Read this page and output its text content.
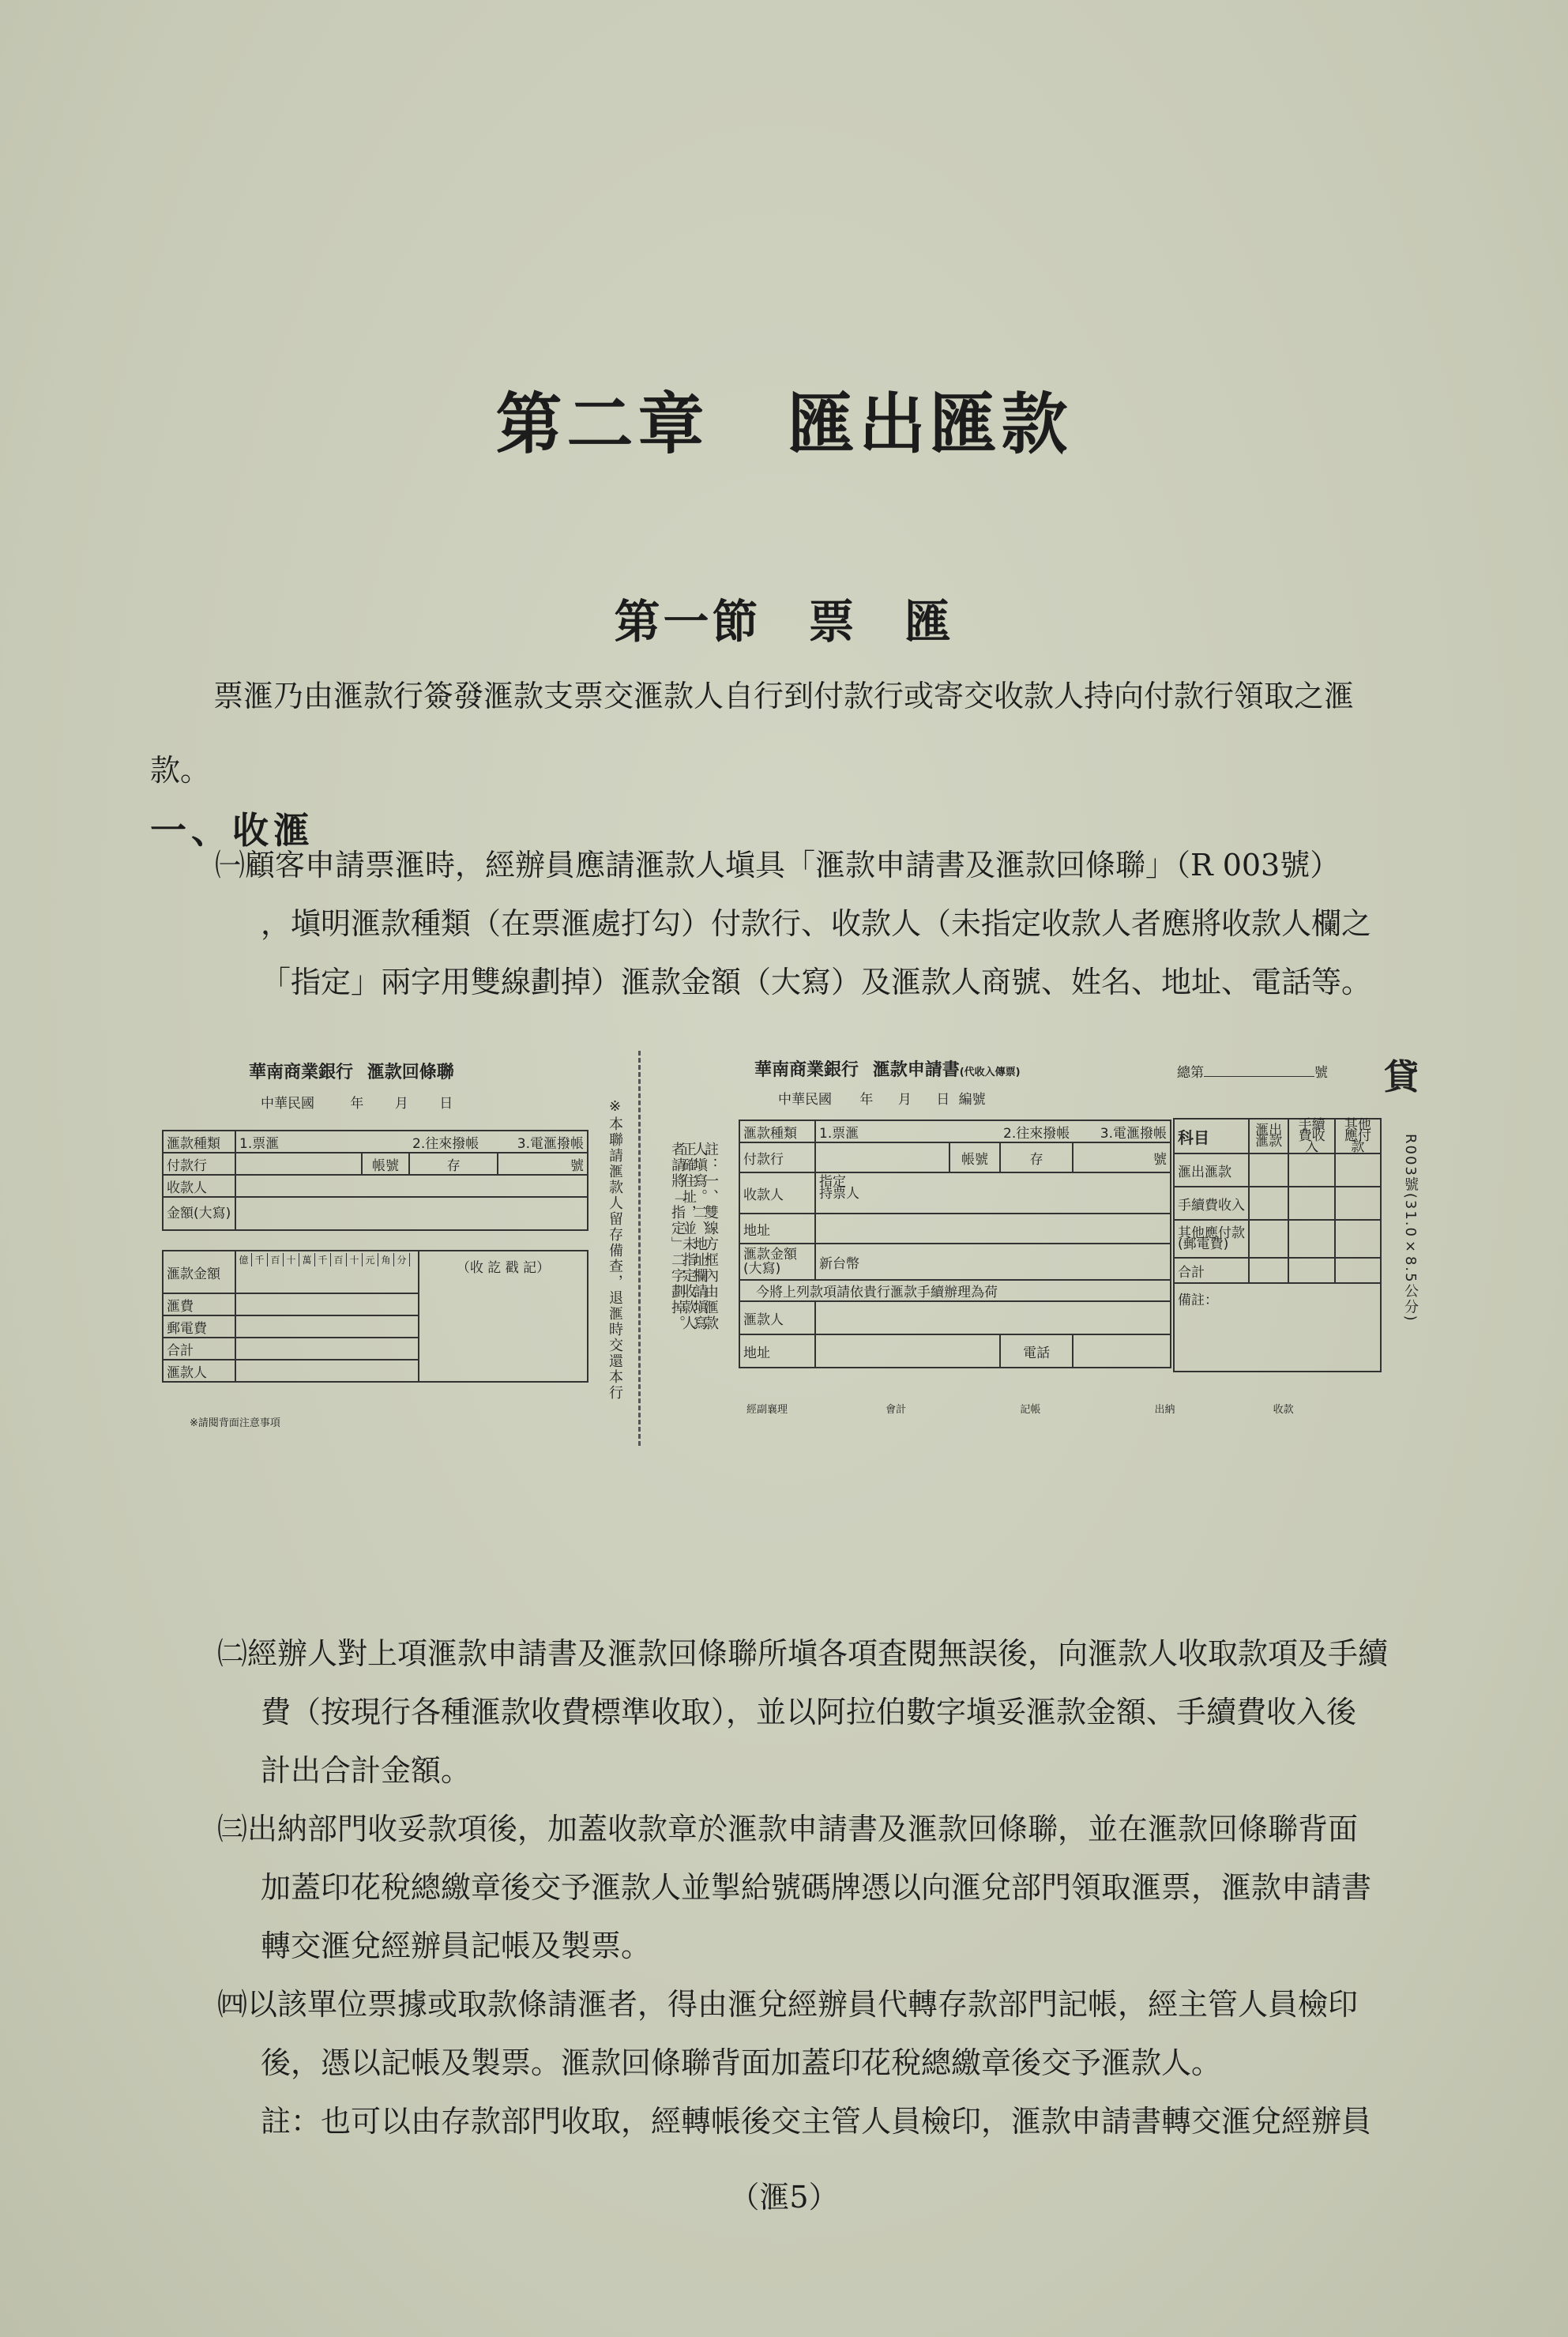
第二章 匯出匯款
第一節 票 匯
票滙乃由滙款行簽發滙款支票交滙款人自行到付款行或寄交收款人持向付款行領取之滙
款。
一、收滙
㈠顧客申請票滙時，經辦員應請滙款人塡具「滙款申請書及滙款回條聯」（R 003號）
，塡明滙款種類（在票滙處打勾）付款行、收款人（未指定收款人者應將收款人欄之
「指定」兩字用雙線劃掉）滙款金額（大寫）及滙款人商號、姓名、地址、電話等。
華南商業銀行 滙款回條聯
中華民國	年 月 日
滙款種類	1.票滙		2.往來撥帳	3.電滙撥帳
付款行		帳號	存	號
收款人				
金額(大寫)				
滙款金額	億 千 百 十 萬 千 百 十 元 角 分	（收 訖 戳 記）
滙費		
郵電費		
合計		
滙款人		
※請閱背面注意事項
※本聯請滙款人留存備查，退滙時交還本行
華南商業銀行 滙款申請書(代收入傳票)	總第	號 貸
中華民國 年 月 日 編號
註：一、雙線方框內由滙款人塡寫。二、地址欄請塡寫正確住址，並未指定收款人者請將「指定」二字劃掉。
滙款種類	1.票滙		2.往來撥帳	3.電滙撥帳
付款行		帳號	存	號
收款人	指定
持票人			
地址				
滙款金額(大寫)	新台幣			
今將上列款項請依貴行滙款手續辦理為荷				
滙款人				
地址			電話	
科目	滙出滙款	手續費收入	其他應付款
滙出滙款			
手續費收入			
其他應付款(郵電費)			
合計			
備註：				R003號(31.0×8.5公分)
經副襄理	會計	記帳	出納	收款
㈡經辦人對上項滙款申請書及滙款回條聯所塡各項査閱無誤後，向滙款人收取款項及手續
費（按現行各種滙款收費標準收取），並以阿拉伯數字塡妥滙款金額、手續費收入後
計出合計金額。
㈢出納部門收妥款項後，加蓋收款章於滙款申請書及滙款回條聯，並在滙款回條聯背面
加蓋印花稅總繳章後交予滙款人並掣給號碼牌憑以向滙兌部門領取滙票，滙款申請書
轉交滙兌經辦員記帳及製票。
㈣以該單位票據或取款條請滙者，得由滙兌經辦員代轉存款部門記帳，經主管人員檢印
後，憑以記帳及製票。滙款回條聯背面加蓋印花稅總繳章後交予滙款人。
註：也可以由存款部門收取，經轉帳後交主管人員檢印，滙款申請書轉交滙兌經辦員
（滙5）
